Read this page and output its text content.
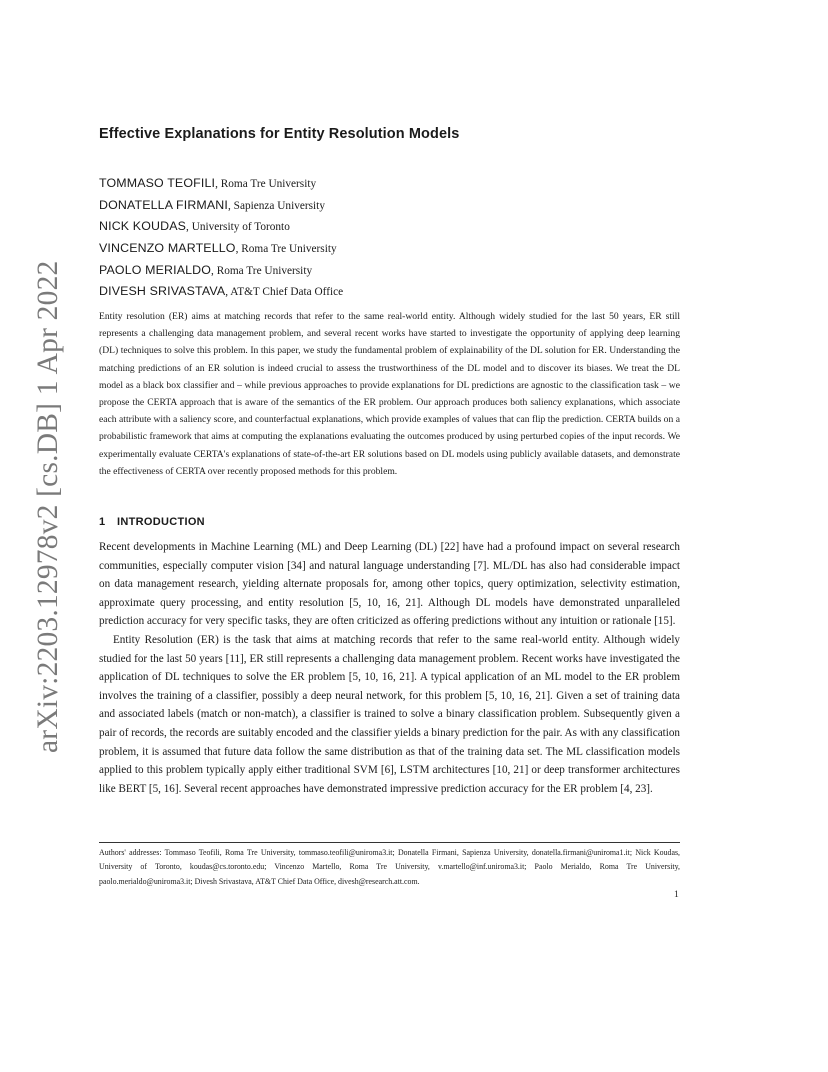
arXiv:2203.12978v2 [cs.DB] 1 Apr 2022
Effective Explanations for Entity Resolution Models
TOMMASO TEOFILI, Roma Tre University
DONATELLA FIRMANI, Sapienza University
NICK KOUDAS, University of Toronto
VINCENZO MARTELLO, Roma Tre University
PAOLO MERIALDO, Roma Tre University
DIVESH SRIVASTAVA, AT&T Chief Data Office
Entity resolution (ER) aims at matching records that refer to the same real-world entity. Although widely studied for the last 50 years, ER still represents a challenging data management problem, and several recent works have started to investigate the opportunity of applying deep learning (DL) techniques to solve this problem. In this paper, we study the fundamental problem of explainability of the DL solution for ER. Understanding the matching predictions of an ER solution is indeed crucial to assess the trustworthiness of the DL model and to discover its biases. We treat the DL model as a black box classifier and – while previous approaches to provide explanations for DL predictions are agnostic to the classification task – we propose the CERTA approach that is aware of the semantics of the ER problem. Our approach produces both saliency explanations, which associate each attribute with a saliency score, and counterfactual explanations, which provide examples of values that can flip the prediction. CERTA builds on a probabilistic framework that aims at computing the explanations evaluating the outcomes produced by using perturbed copies of the input records. We experimentally evaluate CERTA's explanations of state-of-the-art ER solutions based on DL models using publicly available datasets, and demonstrate the effectiveness of CERTA over recently proposed methods for this problem.
1 INTRODUCTION

Recent developments in Machine Learning (ML) and Deep Learning (DL) [22] have had a profound impact on several research communities, especially computer vision [34] and natural language understanding [7]. ML/DL has also had considerable impact on data management research, yielding alternate proposals for, among other topics, query optimization, selectivity estimation, approximate query processing, and entity resolution [5, 10, 16, 21]. Although DL models have demonstrated unparalleled prediction accuracy for very specific tasks, they are often criticized as offering predictions without any intuition or rationale [15].

Entity Resolution (ER) is the task that aims at matching records that refer to the same real-world entity. Although widely studied for the last 50 years [11], ER still represents a challenging data management problem. Recent works have investigated the application of DL techniques to solve the ER problem [5, 10, 16, 21]. A typical application of an ML model to the ER problem involves the training of a classifier, possibly a deep neural network, for this problem [5, 10, 16, 21]. Given a set of training data and associated labels (match or non-match), a classifier is trained to solve a binary classification problem. Subsequently given a pair of records, the records are suitably encoded and the classifier yields a binary prediction for the pair. As with any classification problem, it is assumed that future data follow the same distribution as that of the training data set. The ML classification models applied to this problem typically apply either traditional SVM [6], LSTM architectures [10, 21] or deep transformer architectures like BERT [5, 16]. Several recent approaches have demonstrated impressive prediction accuracy for the ER problem [4, 23].

Authors' addresses: Tommaso Teofili, Roma Tre University, tommaso.teofili@uniroma3.it; Donatella Firmani, Sapienza University, donatella.firmani@uniroma1.it; Nick Koudas, University of Toronto, koudas@cs.toronto.edu; Vincenzo Martello, Roma Tre University, v.martello@inf.uniroma3.it; Paolo Merialdo, Roma Tre University, paolo.merialdo@uniroma3.it; Divesh Srivastava, AT&T Chief Data Office, divesh@research.att.com.
1
